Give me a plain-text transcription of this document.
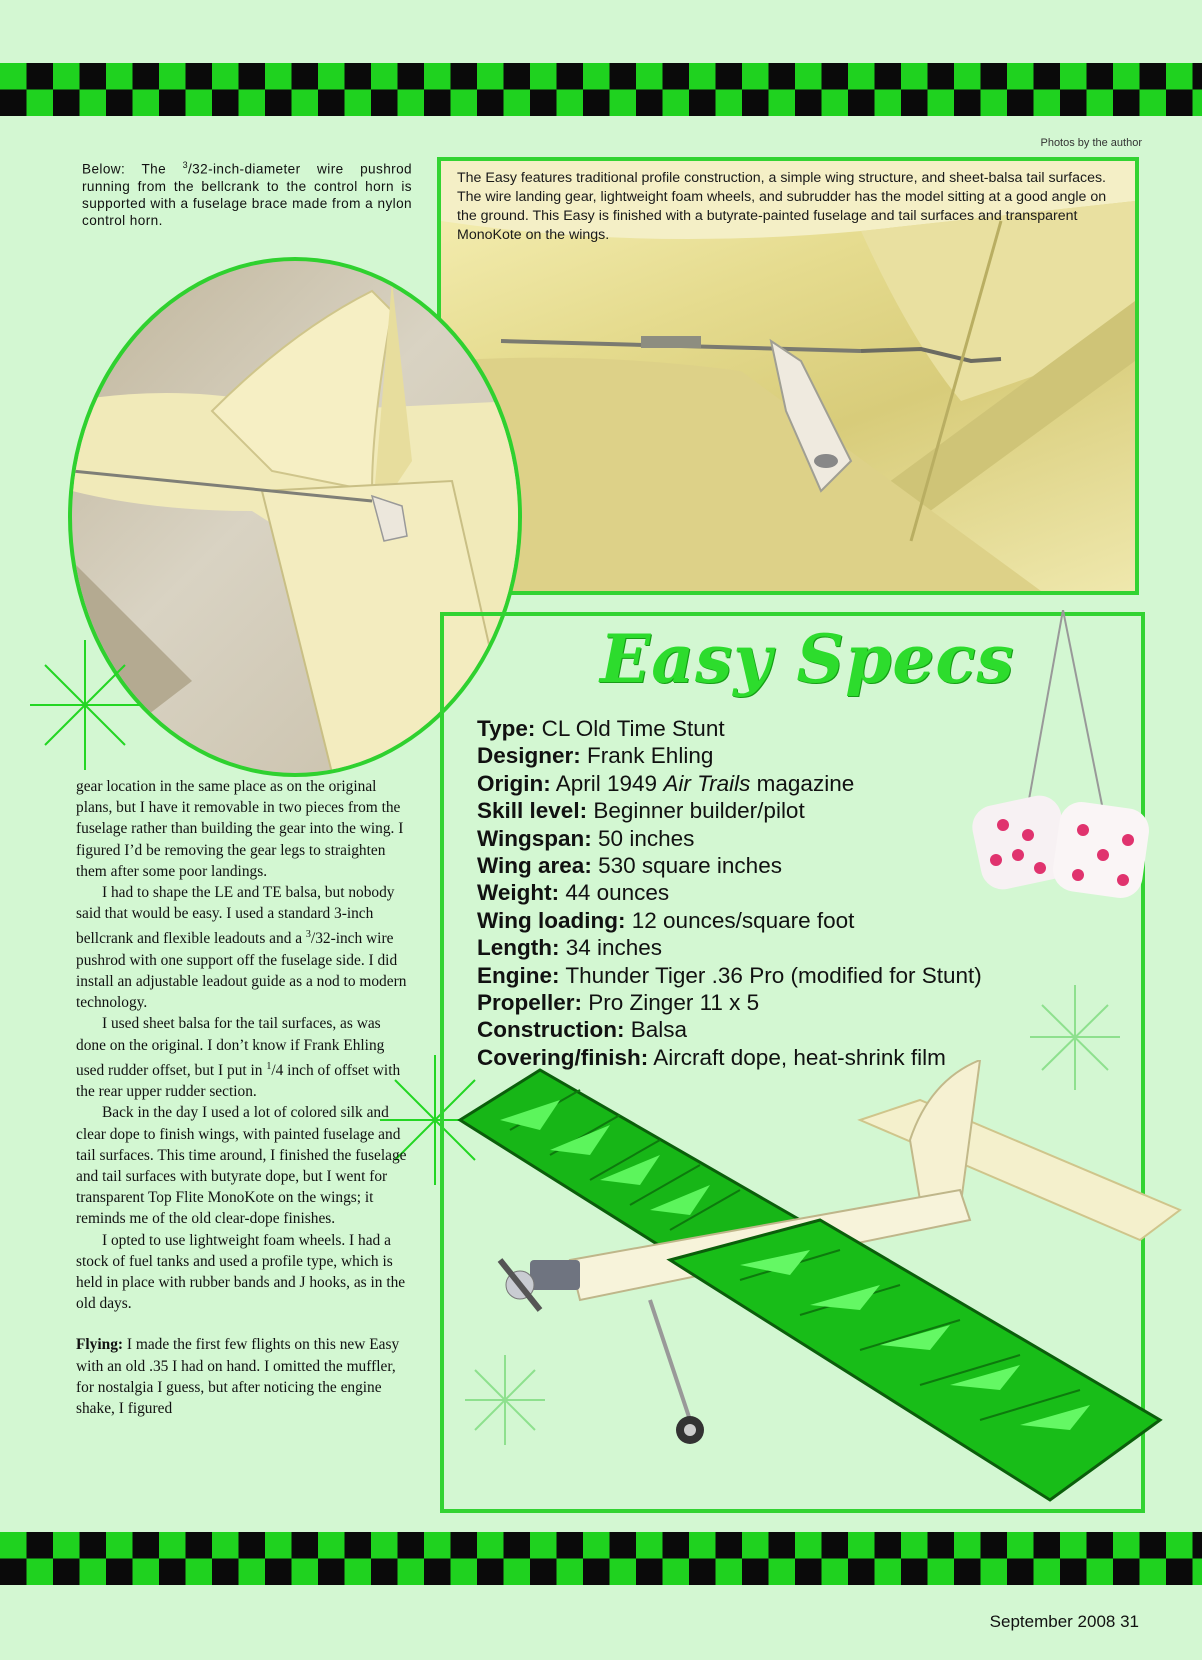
Photos by the author
Below: The $^3$/32-inch-diameter wire pushrod running from the bellcrank to the control horn is supported with a fuselage brace made from a nylon control horn.
The Easy features traditional profile construction, a simple wing structure, and sheet-balsa tail surfaces. The wire landing gear, lightweight foam wheels, and subrudder has the model sitting at a good angle on the ground. This Easy is finished with a butyrate-painted fuselage and tail surfaces and transparent MonoKote on the wings.

gear location in the same place as on the original plans, but I have it removable in two pieces from the fuselage rather than building the gear into the wing. I figured I’d be removing the gear legs to straighten them after some poor landings.

I had to shape the LE and TE balsa, but nobody said that would be easy. I used a standard 3-inch bellcrank and flexible leadouts and a $^3$/32-inch wire pushrod with one support off the fuselage side. I did install an adjustable leadout guide as a nod to modern technology.

I used sheet balsa for the tail surfaces, as was done on the original. I don’t know if Frank Ehling used rudder offset, but I put in $^1$/4 inch of offset with the rear upper rudder section.

Back in the day I used a lot of colored silk and clear dope to finish wings, with painted fuselage and tail surfaces. This time around, I finished the fuselage and tail surfaces with butyrate dope, but I went for transparent Top Flite MonoKote on the wings; it reminds me of the old clear-dope finishes.

I opted to use lightweight foam wheels. I had a stock of fuel tanks and used a profile type, which is held in place with rubber bands and J hooks, as in the old days.

Flying: I made the first few flights on this new Easy with an old .35 I had on hand. I omitted the muffler, for nostalgia I guess, but after noticing the engine shake, I figured

Easy Specs
Type: CL Old Time Stunt
Designer: Frank Ehling
Origin: April 1949 Air Trails magazine
Skill level: Beginner builder/pilot
Wingspan: 50 inches
Wing area: 530 square inches
Weight: 44 ounces
Wing loading: 12 ounces/square foot
Length: 34 inches
Engine: Thunder Tiger .36 Pro (modified for Stunt)
Propeller: Pro Zinger 11 x 5
Construction: Balsa
Covering/finish: Aircraft dope, heat-shrink film
September 2008 31
